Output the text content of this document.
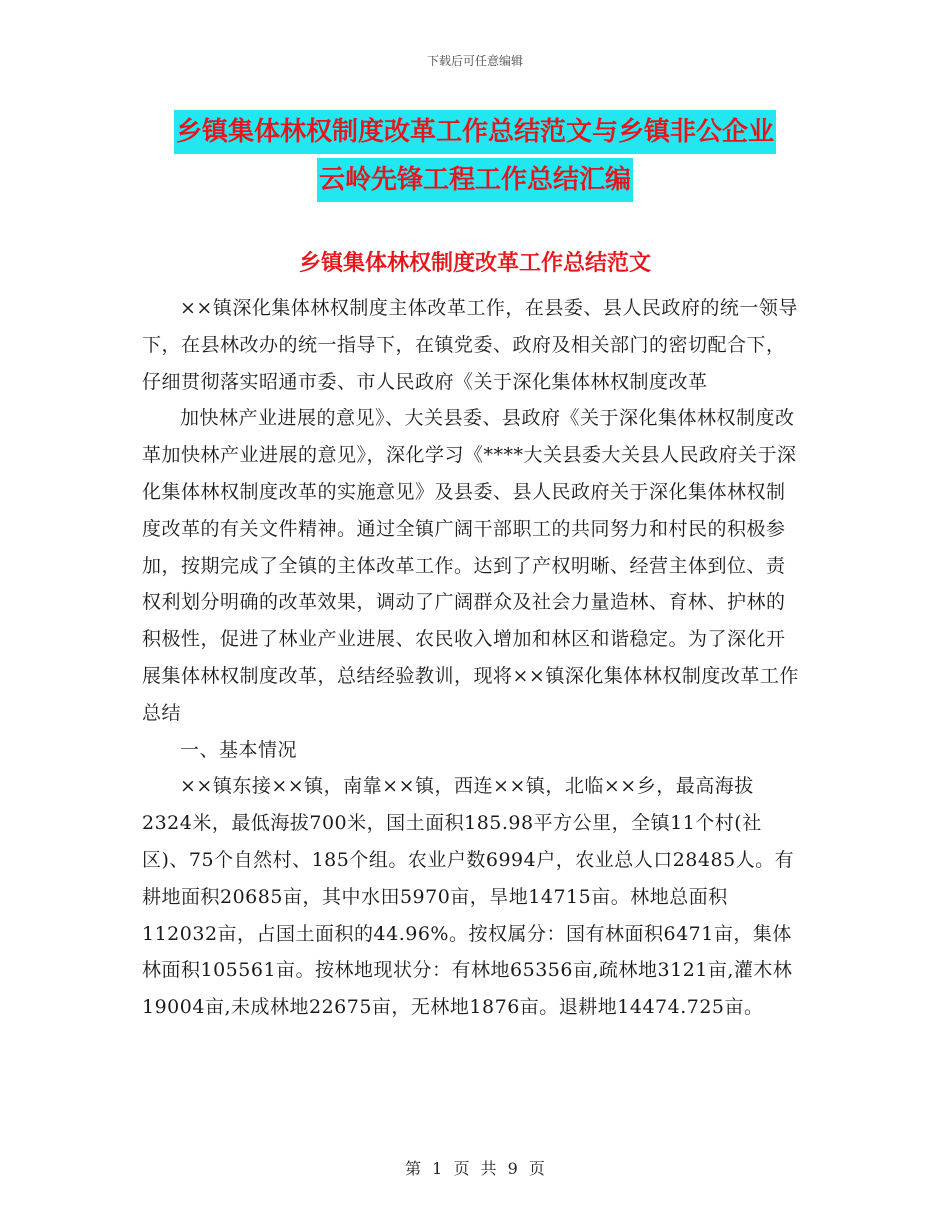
下载后可任意编辑
乡镇集体林权制度改革工作总结范文与乡镇非公企业
云岭先锋工程工作总结汇编
乡镇集体林权制度改革工作总结范文

××镇深化集体林权制度主体改革工作，在县委、县人民政府的统一领导下，在县林改办的统一指导下，在镇党委、政府及相关部门的密切配合下，仔细贯彻落实昭通市委、市人民政府《关于深化集体林权制度改革

加快林产业进展的意见》、大关县委、县政府《关于深化集体林权制度改革加快林产业进展的意见》，深化学习《****大关县委大关县人民政府关于深化集体林权制度改革的实施意见》及县委、县人民政府关于深化集体林权制度改革的有关文件精神。通过全镇广阔干部职工的共同努力和村民的积极参加，按期完成了全镇的主体改革工作。达到了产权明晰、经营主体到位、责权利划分明确的改革效果，调动了广阔群众及社会力量造林、育林、护林的积极性，促进了林业产业进展、农民收入增加和林区和谐稳定。为了深化开展集体林权制度改革，总结经验教训，现将××镇深化集体林权制度改革工作总结

一、基本情况

××镇东接××镇，南靠××镇，西连××镇，北临××乡，最高海拔2324米，最低海拔700米，国土面积185.98平方公里，全镇11个村(社区)、75个自然村、185个组。农业户数6994户，农业总人口28485人。有耕地面积20685亩，其中水田5970亩，旱地14715亩。林地总面积112032亩，占国土面积的44.96%。按权属分：国有林面积6471亩，集体林面积105561亩。按林地现状分：有林地65356亩,疏林地3121亩,灌木林19004亩,未成林地22675亩，无林地1876亩。退耕地14474.725亩。

第 1 页 共 9 页
